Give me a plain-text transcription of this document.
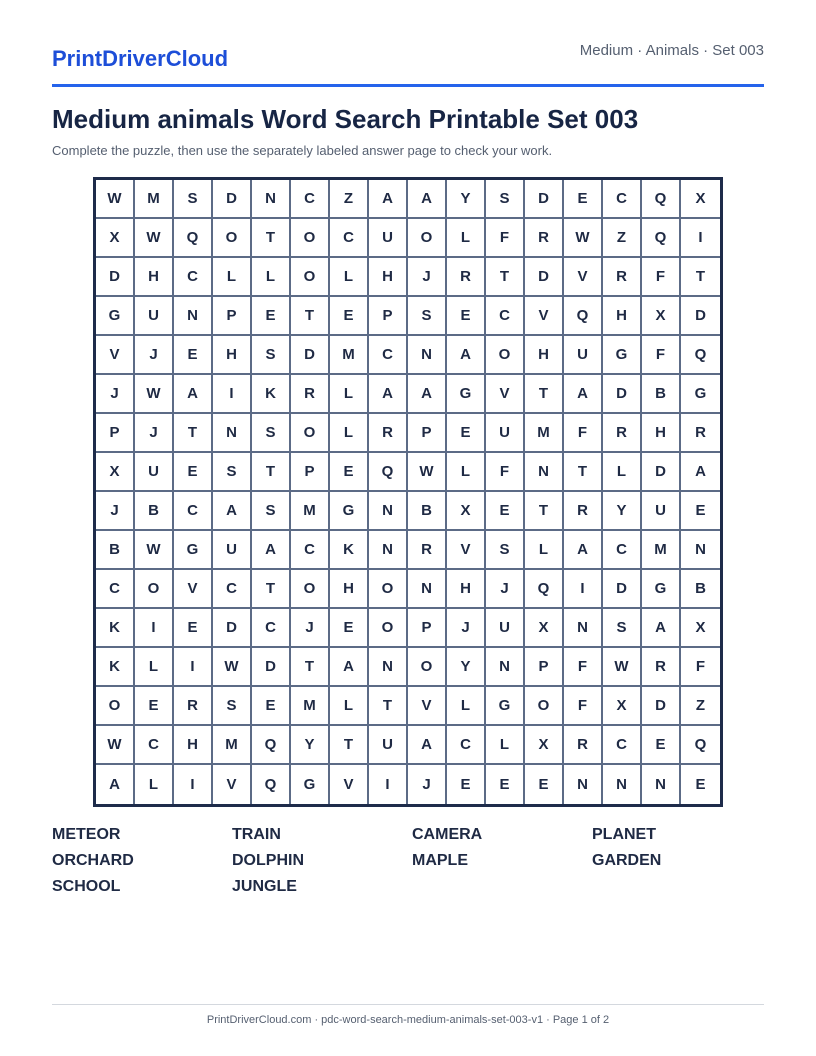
PrintDriverCloud	Medium · Animals · Set 003
Medium animals Word Search Printable Set 003
Complete the puzzle, then use the separately labeled answer page to check your work.
W	M	S	D	N	C	Z	A	A	Y	S	D	E	C	Q	X
X	W	Q	O	T	O	C	U	O	L	F	R	W	Z	Q	I
D	H	C	L	L	O	L	H	J	R	T	D	V	R	F	T
G	U	N	P	E	T	E	P	S	E	C	V	Q	H	X	D
V	J	E	H	S	D	M	C	N	A	O	H	U	G	F	Q
J	W	A	I	K	R	L	A	A	G	V	T	A	D	B	G
P	J	T	N	S	O	L	R	P	E	U	M	F	R	H	R
X	U	E	S	T	P	E	Q	W	L	F	N	T	L	D	A
J	B	C	A	S	M	G	N	B	X	E	T	R	Y	U	E
B	W	G	U	A	C	K	N	R	V	S	L	A	C	M	N
C	O	V	C	T	O	H	O	N	H	J	Q	I	D	G	B
K	I	E	D	C	J	E	O	P	J	U	X	N	S	A	X
K	L	I	W	D	T	A	N	O	Y	N	P	F	W	R	F
O	E	R	S	E	M	L	T	V	L	G	O	F	X	D	Z
W	C	H	M	Q	Y	T	U	A	C	L	X	R	C	E	Q
A	L	I	V	Q	G	V	I	J	E	E	E	N	N	N	E
METEOR	TRAIN	CAMERA	PLANET
ORCHARD	DOLPHIN	MAPLE	GARDEN
SCHOOL	JUNGLE
PrintDriverCloud.com · pdc-word-search-medium-animals-set-003-v1 · Page 1 of 2
